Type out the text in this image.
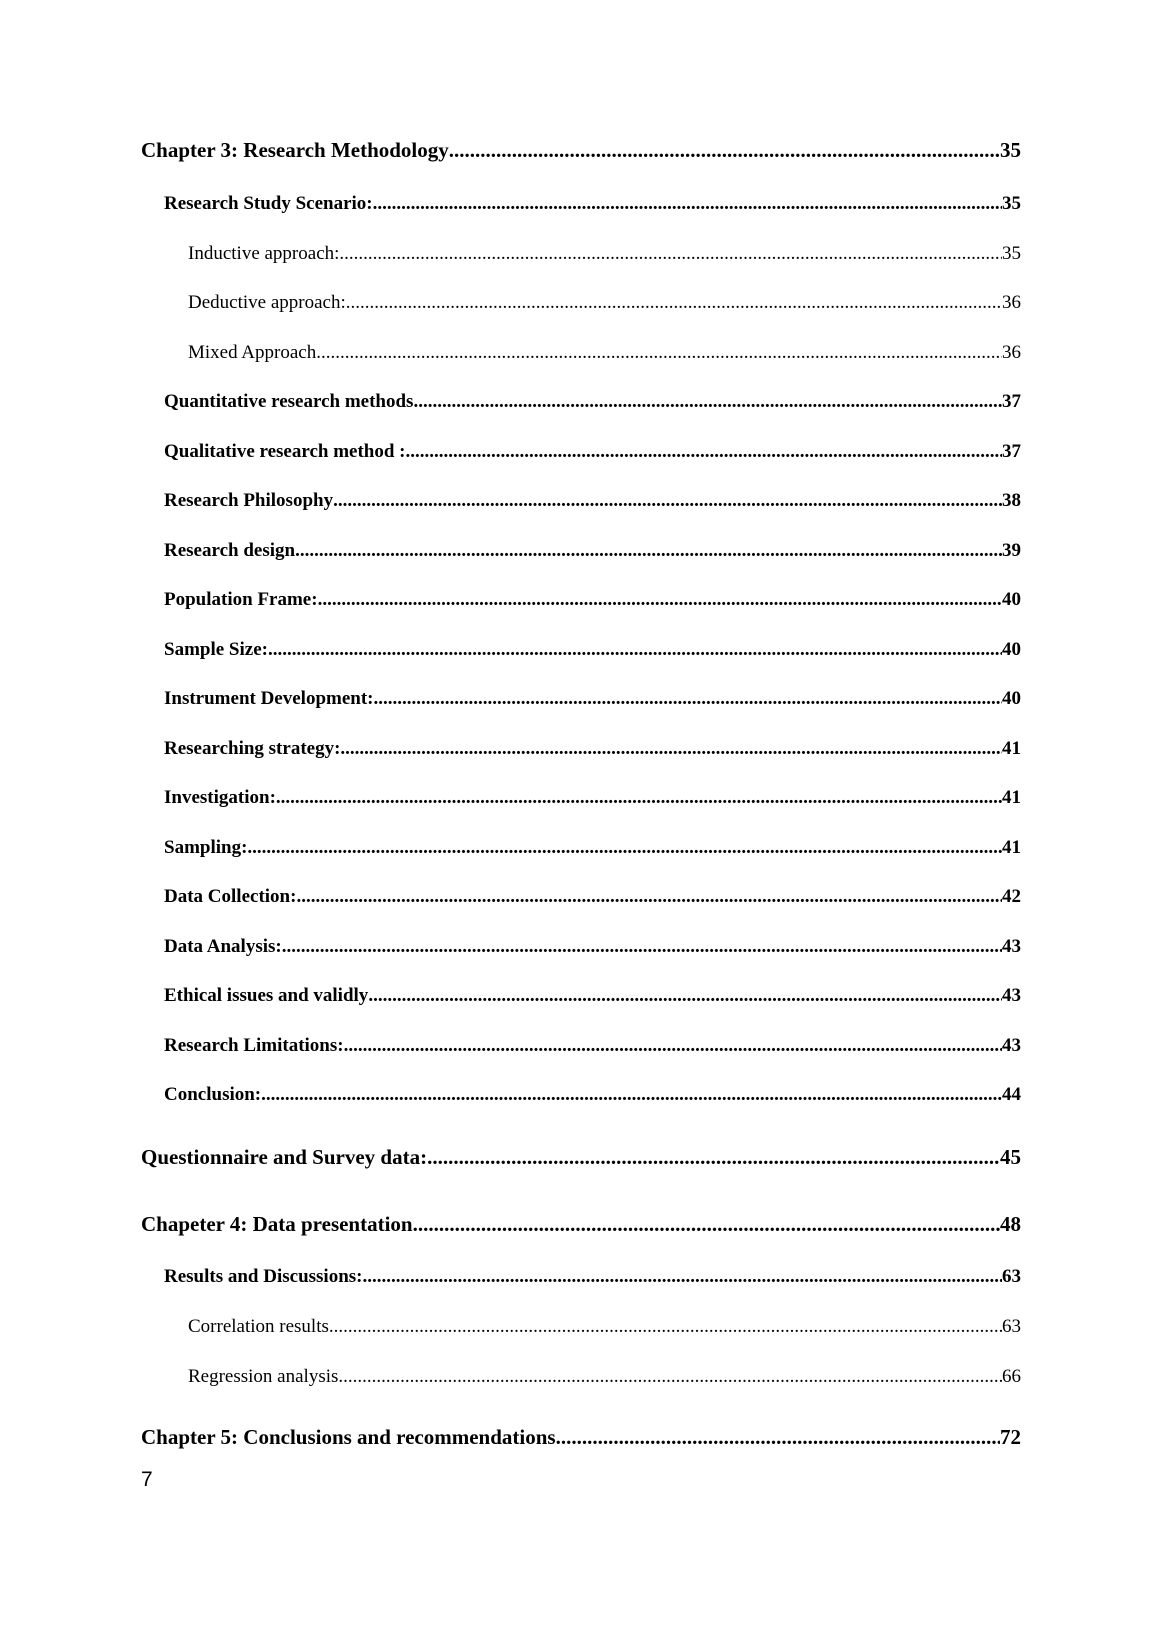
Chapter 3: Research Methodology .....	35
Research Study Scenario: .....	35
Inductive approach: .....	35
Deductive approach: .....	36
Mixed Approach .....	36
Quantitative research methods .....	37
Qualitative research method : .....	37
Research Philosophy .....	38
Research design .....	39
Population Frame: .....	40
Sample Size: .....	40
Instrument Development: .....	40
Researching strategy: .....	41
Investigation: .....	41
Sampling: .....	41
Data Collection: .....	42
Data Analysis: .....	43
Ethical issues and validly .....	43
Research Limitations: .....	43
Conclusion: .....	44
Questionnaire and Survey data: .....	45
Chapeter 4: Data presentation .....	48
Results and Discussions: .....	63
Correlation results .....	63
Regression analysis .....	66
Chapter 5: Conclusions and recommendations .....	72
7
